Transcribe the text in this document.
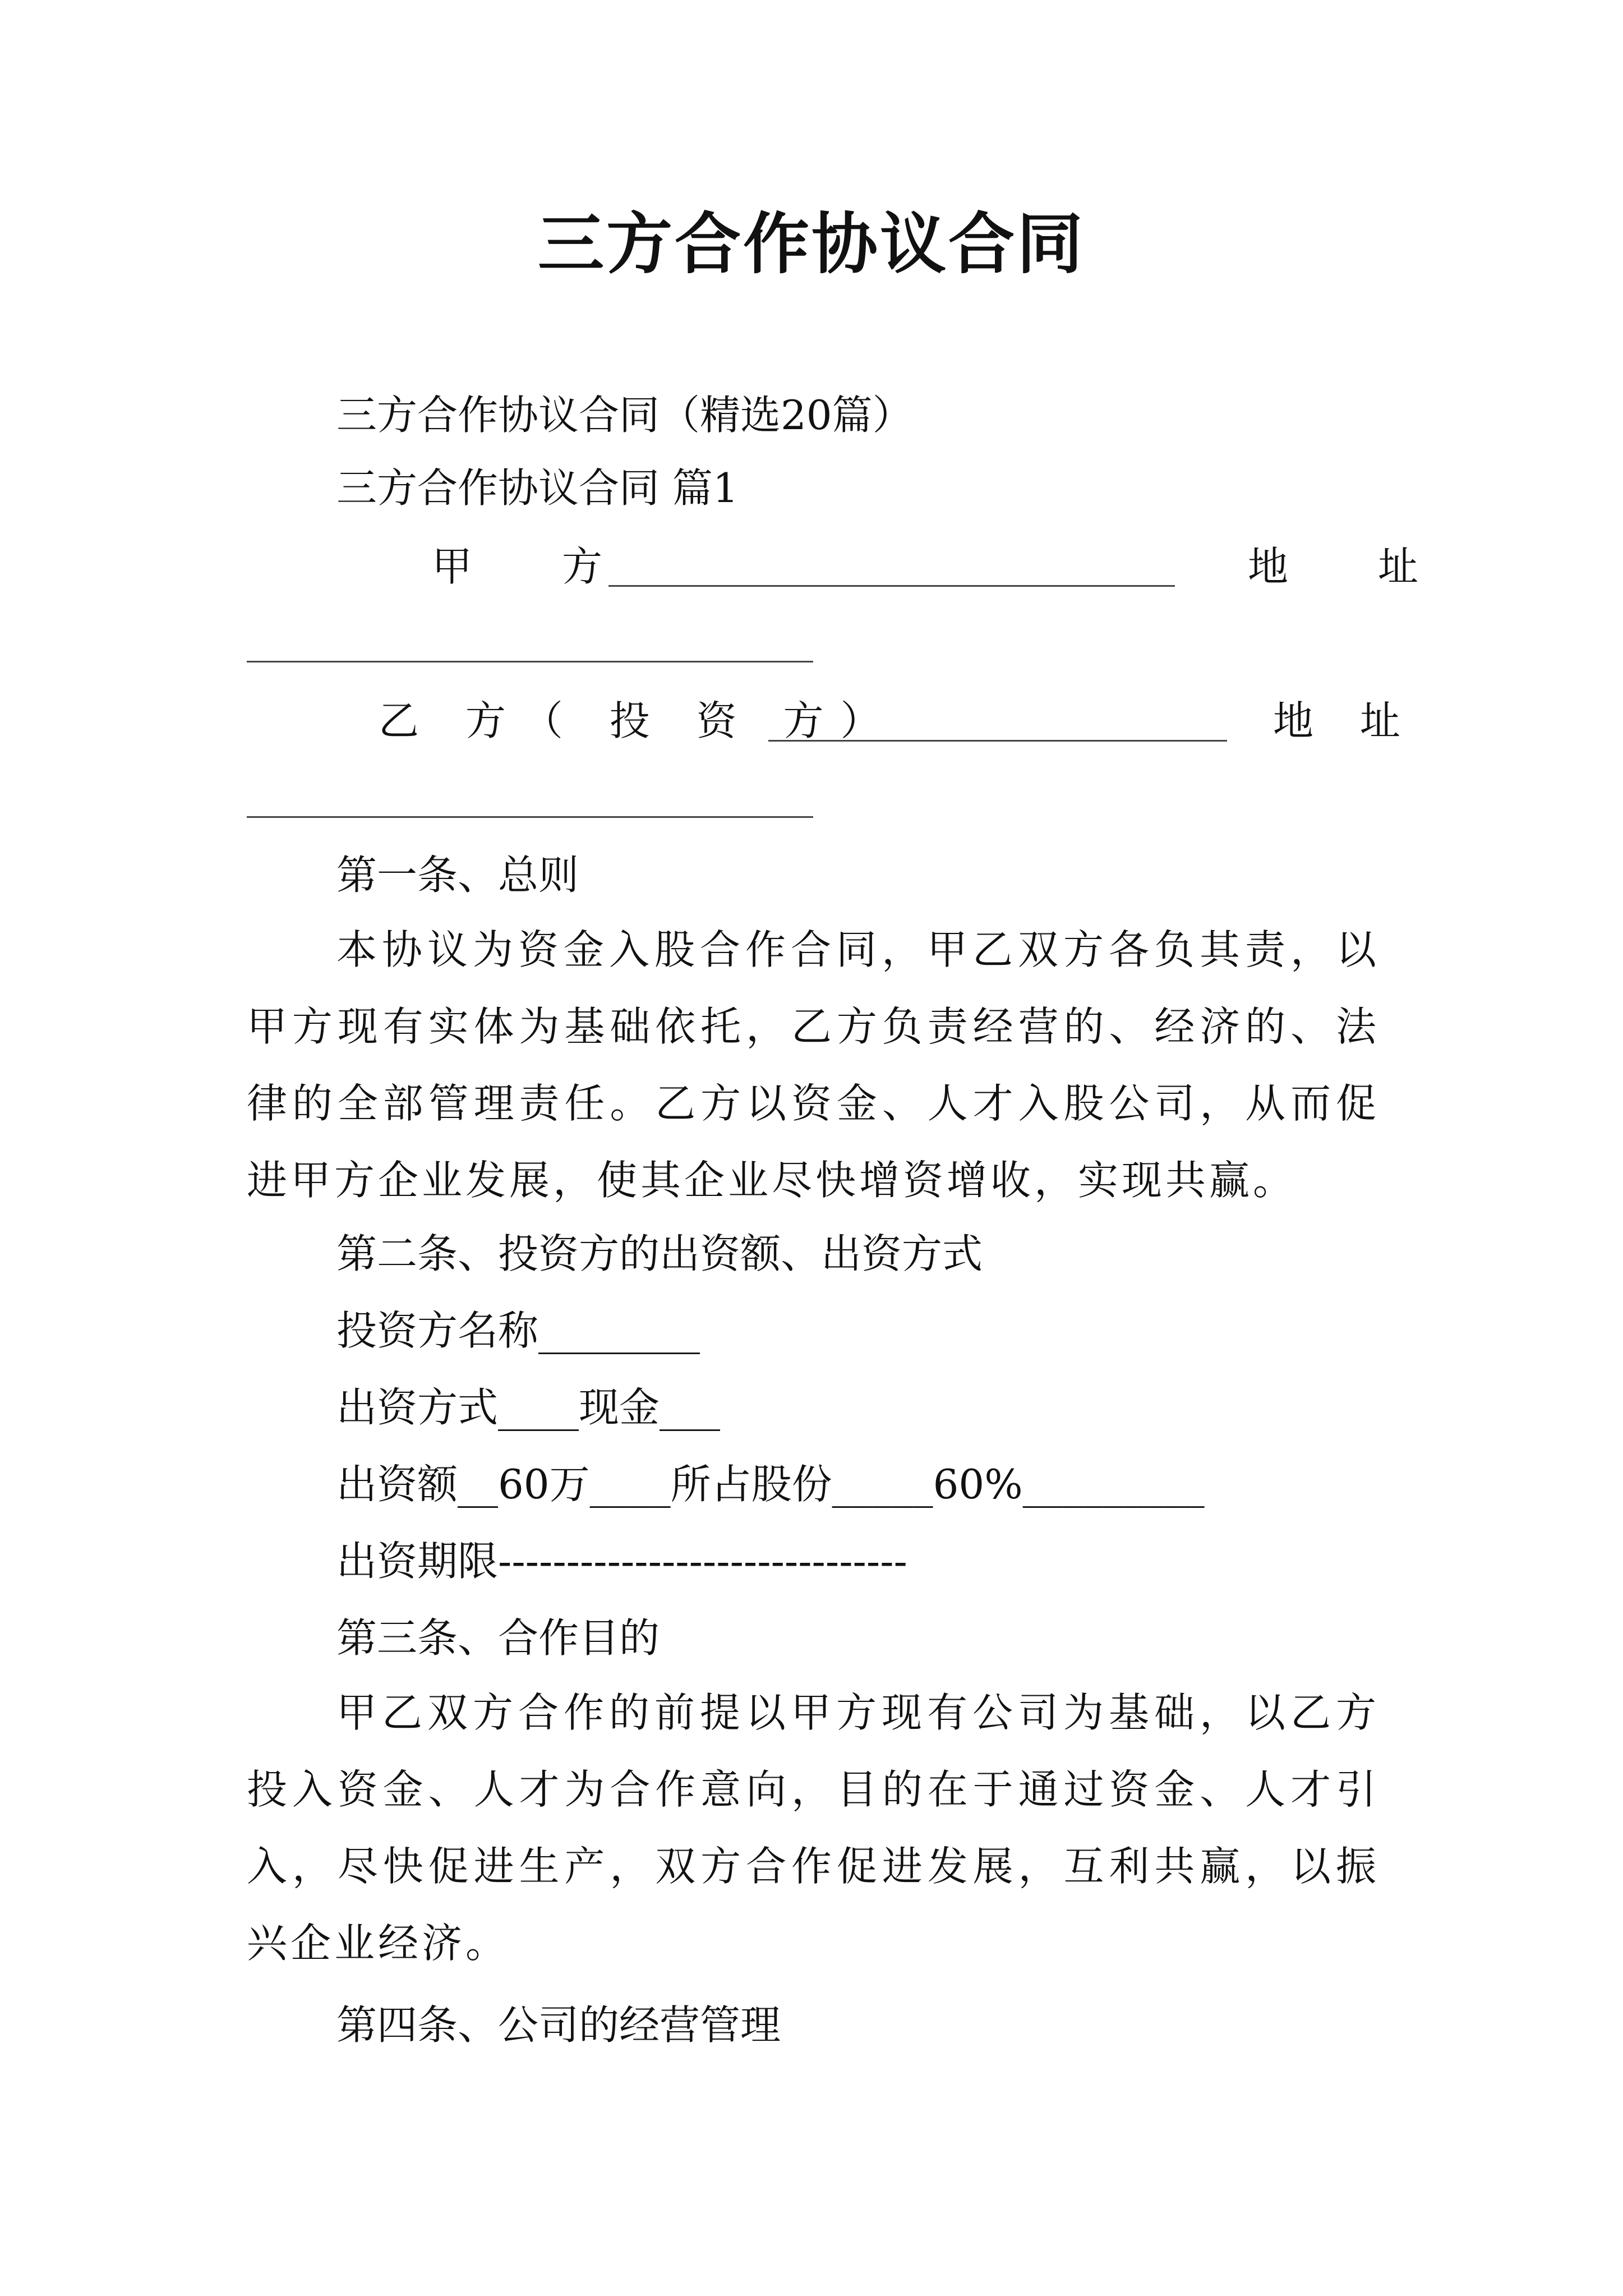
三方合作协议合同

三方合作协议合同（精选20篇）

三方合作协议合同 篇1

甲　方	地　址

乙 方（ 投 资 方）	地 址

第一条、总则

本协议为资金入股合作合同，甲乙双方各负其责，以甲方现有实体为基础依托，乙方负责经营的、经济的、法律的全部管理责任。乙方以资金、人才入股公司，从而促进甲方企业发展，使其企业尽快增资增收，实现共赢。

第二条、投资方的出资额、出资方式

投资方名称________

出资方式____现金___

出资额__60万____所占股份_____60%_________

出资期限------------------------------

第三条、合作目的

甲乙双方合作的前提以甲方现有公司为基础，以乙方投入资金、人才为合作意向，目的在于通过资金、人才引入，尽快促进生产，双方合作促进发展，互利共赢，以振兴企业经济。

第四条、公司的经营管理
